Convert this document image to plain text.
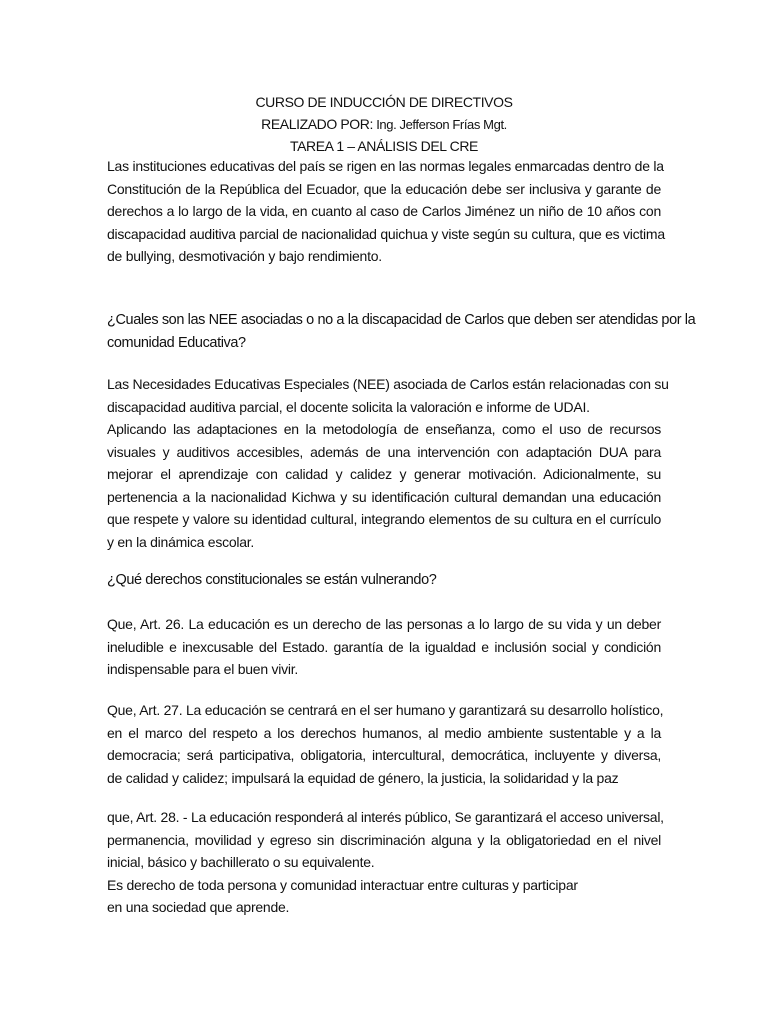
CURSO DE INDUCCIÓN DE DIRECTIVOS
REALIZADO POR: Ing. Jefferson Frías Mgt.
TAREA 1 – ANÁLISIS DEL CRE
Las instituciones educativas del país se rigen en las normas legales enmarcadas dentro de la
Constitución de la República del Ecuador, que la educación debe ser inclusiva y garante de
derechos a lo largo de la vida, en cuanto al caso de Carlos Jiménez un niño de 10 años con
discapacidad auditiva parcial de nacionalidad quichua y viste según su cultura, que es victima
de bullying, desmotivación y bajo rendimiento.
¿Cuales son las NEE asociadas o no a la discapacidad de Carlos que deben ser atendidas por la
comunidad Educativa?
Las Necesidades Educativas Especiales (NEE) asociada de Carlos están relacionadas con su
discapacidad auditiva parcial, el docente solicita la valoración e informe de UDAI.
Aplicando las adaptaciones en la metodología de enseñanza, como el uso de recursos
visuales y auditivos accesibles, además de una intervención con adaptación DUA para
mejorar el aprendizaje con calidad y calidez y generar motivación. Adicionalmente, su
pertenencia a la nacionalidad Kichwa y su identificación cultural demandan una educación
que respete y valore su identidad cultural, integrando elementos de su cultura en el currículo
y en la dinámica escolar.
¿Qué derechos constitucionales se están vulnerando?
Que, Art. 26. La educación es un derecho de las personas a lo largo de su vida y un deber
ineludible e inexcusable del Estado. garantía de la igualdad e inclusión social y condición
indispensable para el buen vivir.
Que, Art. 27. La educación se centrará en el ser humano y garantizará su desarrollo holístico,
en el marco del respeto a los derechos humanos, al medio ambiente sustentable y a la
democracia; será participativa, obligatoria, intercultural, democrática, incluyente y diversa,
de calidad y calidez; impulsará la equidad de género, la justicia, la solidaridad y la paz
que, Art. 28. - La educación responderá al interés público, Se garantizará el acceso universal,
permanencia, movilidad y egreso sin discriminación alguna y la obligatoriedad en el nivel
inicial, básico y bachillerato o su equivalente.
Es derecho de toda persona y comunidad interactuar entre culturas y participar
en una sociedad que aprende.
